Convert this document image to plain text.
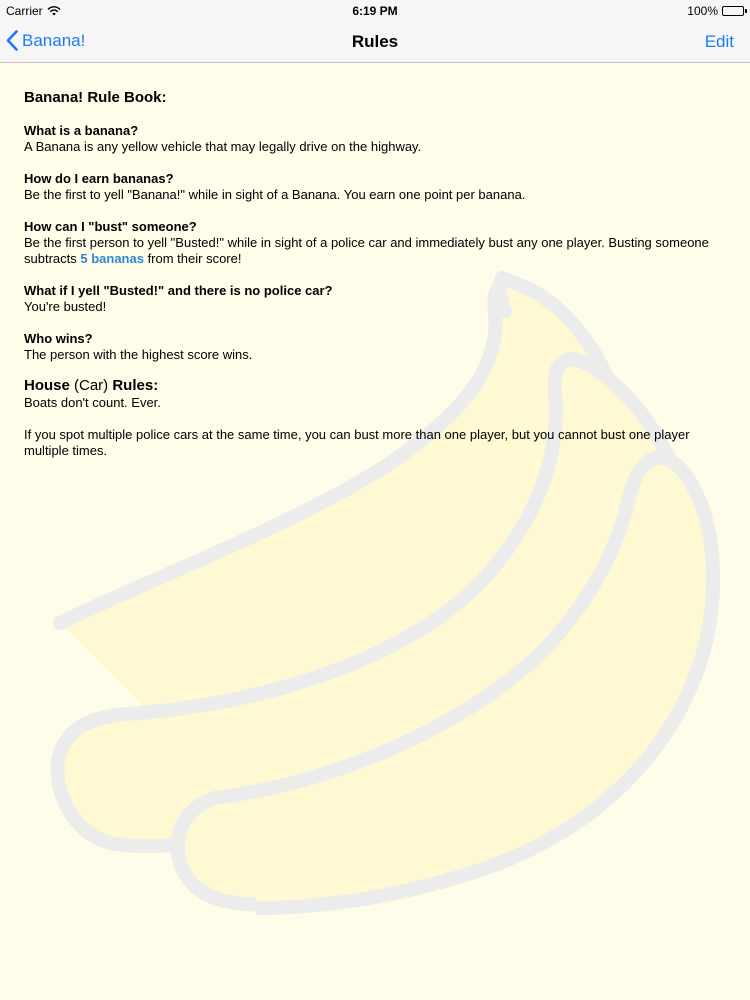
Carrier	6:19 PM	100%
Banana!	Rules	Edit
Banana! Rule Book:
What is a banana?
A Banana is any yellow vehicle that may legally drive on the highway.
How do I earn bananas?
Be the first to yell "Banana!" while in sight of a Banana. You earn one point per banana.
How can I "bust" someone?
Be the first person to yell "Busted!" while in sight of a police car and immediately bust any one player. Busting someone subtracts 5 bananas from their score!
What if I yell "Busted!" and there is no police car?
You're busted!
Who wins?
The person with the highest score wins.
House (Car) Rules:
Boats don't count. Ever.
If you spot multiple police cars at the same time, you can bust more than one player, but you cannot bust one player multiple times.
